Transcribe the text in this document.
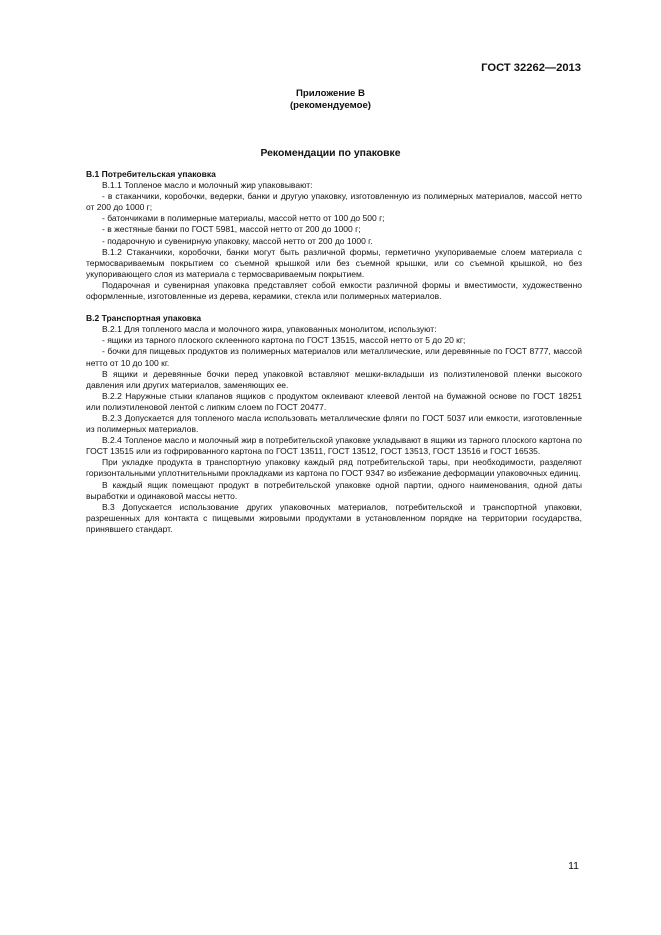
ГОСТ 32262—2013
Приложение В
(рекомендуемое)
Рекомендации по упаковке

В.1 Потребительская упаковка

В.1.1 Топленое масло и молочный жир упаковывают:

- в стаканчики, коробочки, ведерки, банки и другую упаковку, изготовленную из полимерных материалов, массой нетто от 200 до 1000 г;

- батончиками в полимерные материалы, массой нетто от 100 до 500 г;

- в жестяные банки по ГОСТ 5981, массой нетто от 200 до 1000 г;

- подарочную и сувенирную упаковку, массой нетто от 200 до 1000 г.

В.1.2 Стаканчики, коробочки, банки могут быть различной формы, герметично укупориваемые слоем материала с термосвариваемым покрытием со съемной крышкой или без съемной крышки, или со съемной крышкой, но без укупоривающего слоя из материала с термосвариваемым покрытием.

Подарочная и сувенирная упаковка представляет собой емкости различной формы и вместимости, художественно оформленные, изготовленные из дерева, керамики, стекла или полимерных материалов.

В.2 Транспортная упаковка

В.2.1 Для топленого масла и молочного жира, упакованных монолитом, используют:

- ящики из тарного плоского склеенного картона по ГОСТ 13515, массой нетто от 5 до 20 кг;

- бочки для пищевых продуктов из полимерных материалов или металлические, или деревянные по ГОСТ 8777, массой нетто от 10 до 100 кг.

В ящики и деревянные бочки перед упаковкой вставляют мешки-вкладыши из полиэтиленовой пленки высокого давления или других материалов, заменяющих ее.

В.2.2 Наружные стыки клапанов ящиков с продуктом оклеивают клеевой лентой на бумажной основе по ГОСТ 18251 или полиэтиленовой лентой с липким слоем по ГОСТ 20477.

В.2.3 Допускается для топленого масла использовать металлические фляги по ГОСТ 5037 или емкости, изготовленные из полимерных материалов.

В.2.4 Топленое масло и молочный жир в потребительской упаковке укладывают в ящики из тарного плоского картона по ГОСТ 13515 или из гофрированного картона по ГОСТ 13511, ГОСТ 13512, ГОСТ 13513, ГОСТ 13516 и ГОСТ 16535.

При укладке продукта в транспортную упаковку каждый ряд потребительской тары, при необходимости, разделяют горизонтальными уплотнительными прокладками из картона по ГОСТ 9347 во избежание деформации упаковочных единиц.

В каждый ящик помещают продукт в потребительской упаковке одной партии, одного наименования, одной даты выработки и одинаковой массы нетто.

В.3 Допускается использование других упаковочных материалов, потребительской и транспортной упаковки, разрешенных для контакта с пищевыми жировыми продуктами в установленном порядке на территории государства, принявшего стандарт.

11
